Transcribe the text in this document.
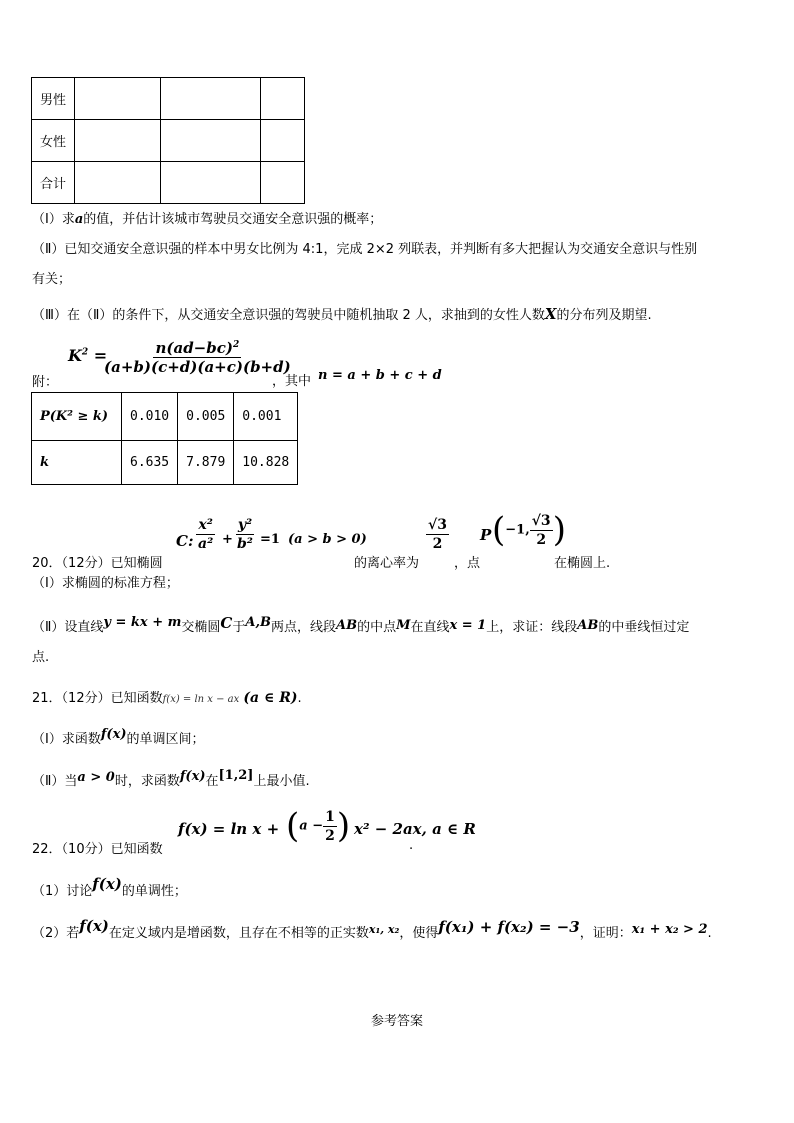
男性			
女性			
合计			
（Ⅰ）求a的值，并估计该城市驾驶员交通安全意识强的概率；
（Ⅱ）已知交通安全意识强的样本中男女比例为 4:1，完成 2×2 列联表，并判断有多大把握认为交通安全意识与性别
有关；
（Ⅲ）在（Ⅱ）的条件下，从交通安全意识强的驾驶员中随机抽取 2 人，求抽到的女性人数X的分布列及期望.
附：
$K^2$ =
$\frac{n(ad-bc)^2}{(a+b)(c+d)(a+c)(b+d)}$
，其中 n = a + b + c + d
P(K² ≥ k)	0.010	0.005	0.001
k	6.635	7.879	10.828
20．（12分）已知椭圆
C: $\frac{\text{x²}}{\text{a²}} + \frac{\text{y²}}{\text{b²}} =1$ (a > b > 0)
的离心率为
$\frac{√3}{2}$
，点
P (−1, $\frac{√3}{2}$ )
在椭圆上.
（Ⅰ）求椭圆的标准方程；
（Ⅱ）设直线y = kx + m交椭圆C于A,B两点，线段AB的中点M在直线x = 1上，求证：线段AB的中垂线恒过定
点.
21．（12分）已知函数f(x) = ln x − ax (a ∈ R).
（Ⅰ）求函数f(x)的单调区间；
（Ⅱ）当a > 0时，求函数f(x)在[1,2]上最小值.
22．（10分）已知函数
$f(x) = \ln x + (a - \frac{1}{2}$ ) x² − 2ax, a ∈ R
.
（1）讨论f(x)的单调性；
（2）若f(x)在定义域内是增函数，且存在不相等的正实数$^{x_1, x_2}$，使得f(x₁) + f(x₂) = −3，证明：x₁ + x₂ > 2.
参考答案
